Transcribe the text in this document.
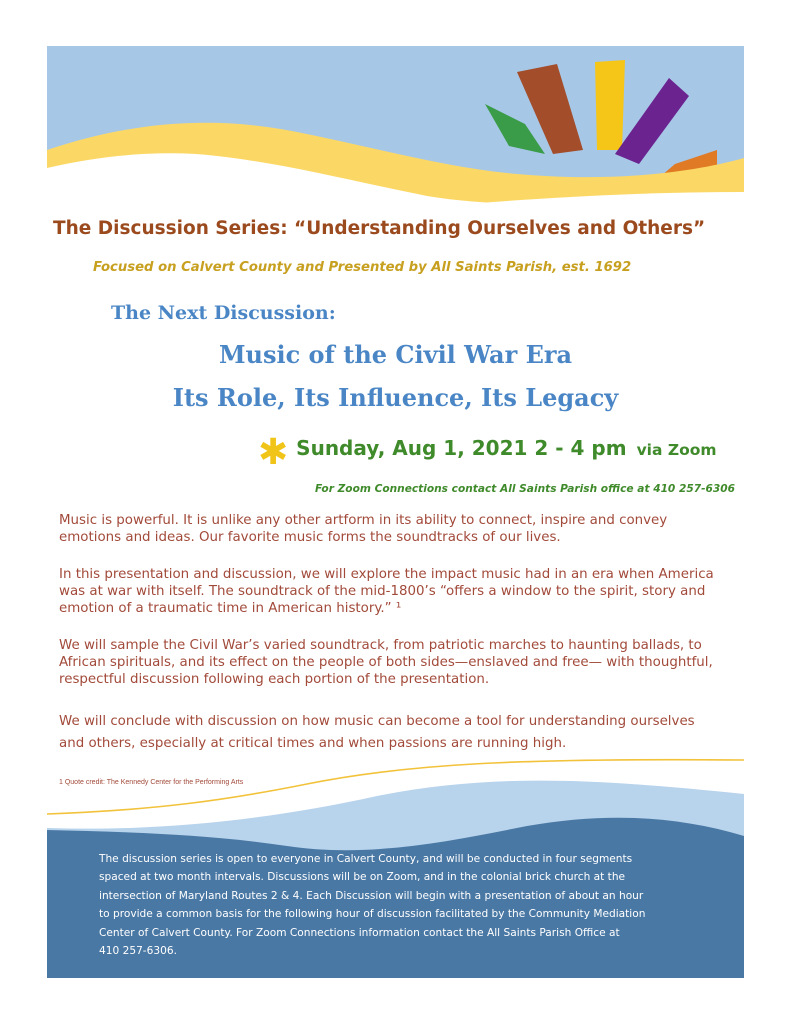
The Discussion Series: “Understanding Ourselves and Others”
Focused on Calvert County and Presented by All Saints Parish, est. 1692
The Next Discussion:
Music of the Civil War Era
Its Role, Its Influence, Its Legacy
✱ Sunday, Aug 1, 2021 2 - 4 pm via Zoom
For Zoom Connections contact All Saints Parish office at 410 257-6306
Music is powerful. It is unlike any other artform in its ability to connect, inspire and convey
emotions and ideas. Our favorite music forms the soundtracks of our lives.
In this presentation and discussion, we will explore the impact music had in an era when America
was at war with itself. The soundtrack of the mid-1800’s “offers a window to the spirit, story and
emotion of a traumatic time in American history.” ¹
We will sample the Civil War’s varied soundtrack, from patriotic marches to haunting ballads, to
African spirituals, and its effect on the people of both sides—enslaved and free— with thoughtful,
respectful discussion following each portion of the presentation.
We will conclude with discussion on how music can become a tool for understanding ourselves
and others, especially at critical times and when passions are running high.
1 Quote credit: The Kennedy Center for the Performing Arts
The discussion series is open to everyone in Calvert County, and will be conducted in four segments
spaced at two month intervals. Discussions will be on Zoom, and in the colonial brick church at the
intersection of Maryland Routes 2 & 4. Each Discussion will begin with a presentation of about an hour
to provide a common basis for the following hour of discussion facilitated by the Community Mediation
Center of Calvert County. For Zoom Connections information contact the All Saints Parish Office at
410 257-6306.
